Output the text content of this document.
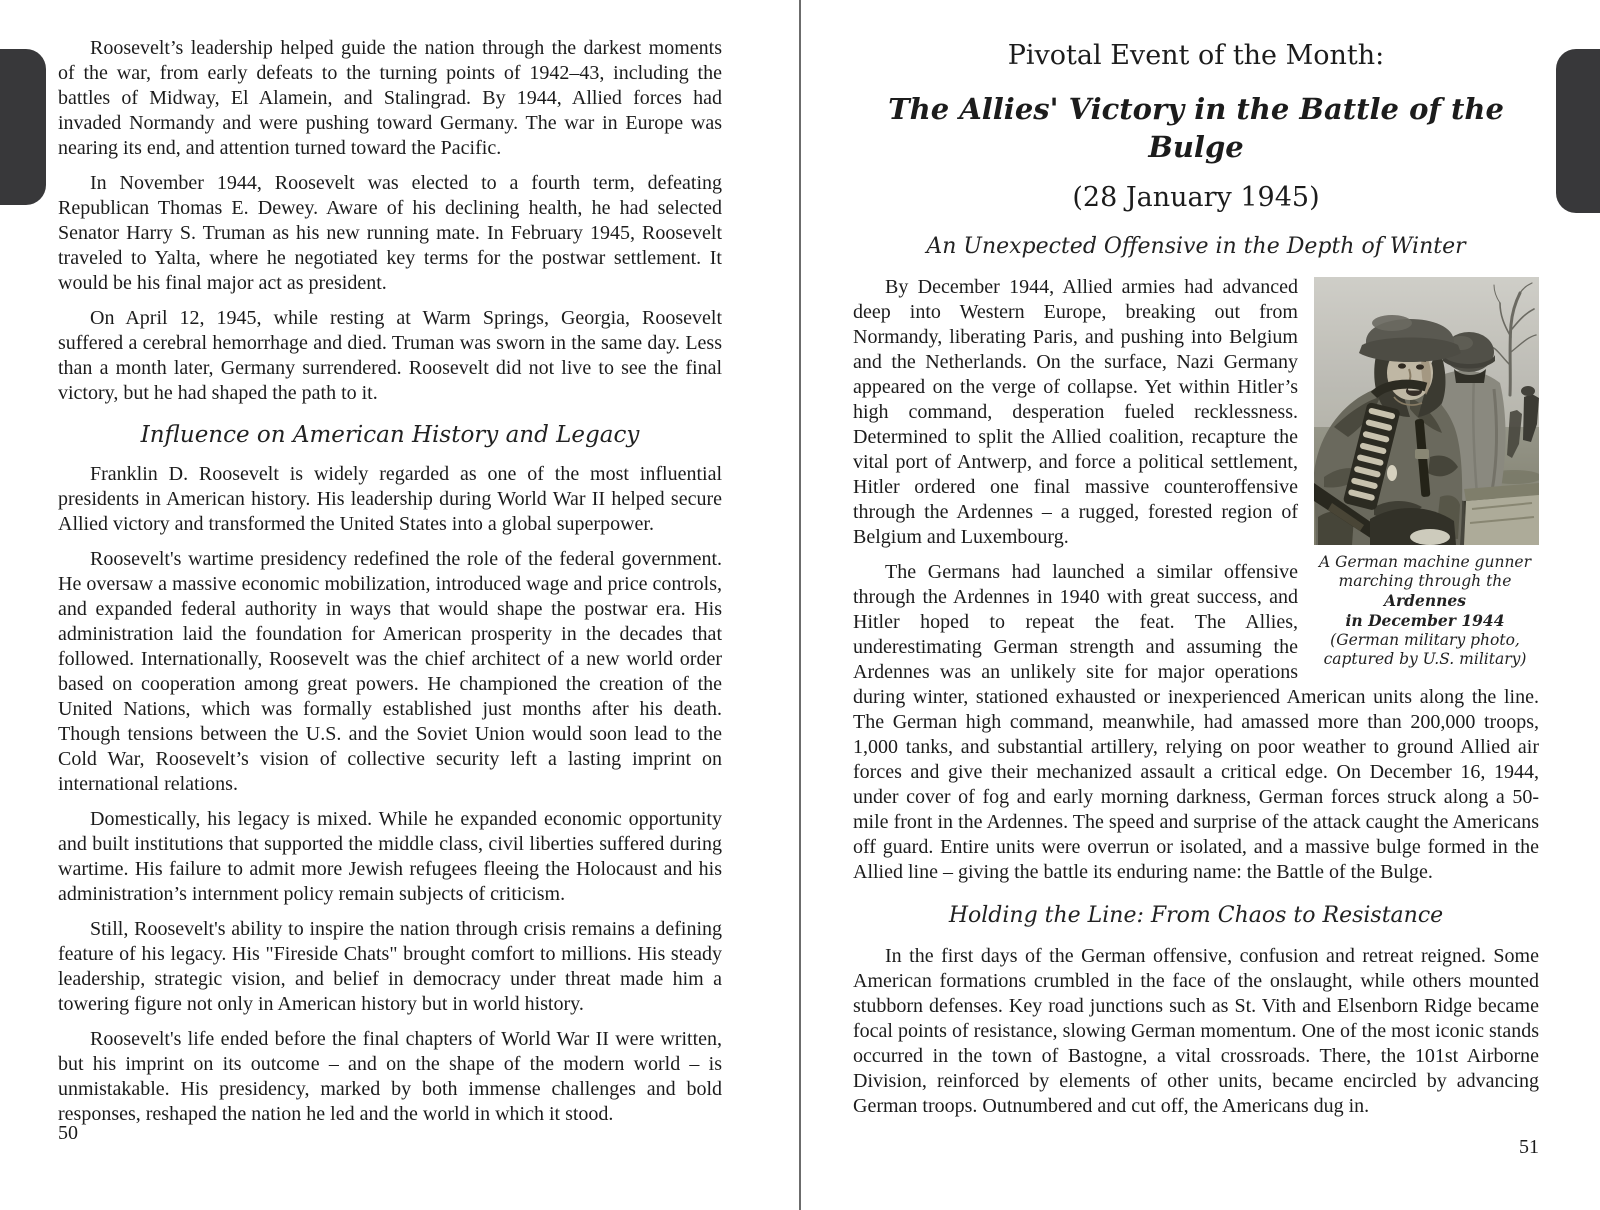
Roosevelt’s leadership helped guide the nation through the darkest moments of the war, from early defeats to the turning points of 1942–43, including the battles of Midway, El Alamein, and Stalingrad. By 1944, Allied forces had invaded Normandy and were pushing toward Germany. The war in Europe was nearing its end, and attention turned toward the Pacific.

In November 1944, Roosevelt was elected to a fourth term, defeating Republican Thomas E. Dewey. Aware of his declining health, he had selected Senator Harry S. Truman as his new running mate. In February 1945, Roosevelt traveled to Yalta, where he negotiated key terms for the postwar settlement. It would be his final major act as president.

On April 12, 1945, while resting at Warm Springs, Georgia, Roosevelt suffered a cerebral hemorrhage and died. Truman was sworn in the same day. Less than a month later, Germany surrendered. Roosevelt did not live to see the final victory, but he had shaped the path to it.

Influence on American History and Legacy

Franklin D. Roosevelt is widely regarded as one of the most influential presidents in American history. His leadership during World War II helped secure Allied victory and transformed the United States into a global superpower.

Roosevelt's wartime presidency redefined the role of the federal government. He oversaw a massive economic mobilization, introduced wage and price controls, and expanded federal authority in ways that would shape the postwar era. His administration laid the foundation for American prosperity in the decades that followed. Internationally, Roosevelt was the chief architect of a new world order based on cooperation among great powers. He championed the creation of the United Nations, which was formally established just months after his death. Though tensions between the U.S. and the Soviet Union would soon lead to the Cold War, Roosevelt’s vision of collective security left a lasting imprint on international relations.

Domestically, his legacy is mixed. While he expanded economic opportunity and built institutions that supported the middle class, civil liberties suffered during wartime. His failure to admit more Jewish refugees fleeing the Holocaust and his administration’s internment policy remain subjects of criticism.

Still, Roosevelt's ability to inspire the nation through crisis remains a defining feature of his legacy. His "Fireside Chats" brought comfort to millions. His steady leadership, strategic vision, and belief in democracy under threat made him a towering figure not only in American history but in world history.

Roosevelt's life ended before the final chapters of World War II were written, but his imprint on its outcome – and on the shape of the modern world – is unmistakable. His presidency, marked by both immense challenges and bold responses, reshaped the nation he led and the world in which it stood.

50
Pivotal Event of the Month:
The Allies' Victory in the Battle of the Bulge
(28 January 1945)
An Unexpected Offensive in the Depth of Winter
A German machine gunner
marching through the Ardennes
in December 1944
(German military photo,
captured by U.S. military)

By December 1944, Allied armies had advanced deep into Western Europe, breaking out from Normandy, liberating Paris, and pushing into Belgium and the Netherlands. On the surface, Nazi Germany appeared on the verge of collapse. Yet within Hitler’s high command, desperation fueled recklessness. Determined to split the Allied coalition, recapture the vital port of Antwerp, and force a political settlement, Hitler ordered one final massive counteroffensive through the Ardennes – a rugged, forested region of Belgium and Luxembourg.

The Germans had launched a similar offensive through the Ardennes in 1940 with great success, and Hitler hoped to repeat the feat. The Allies, underestimating German strength and assuming the Ardennes was an unlikely site for major operations during winter, stationed exhausted or inexperienced American units along the line. The German high command, meanwhile, had amassed more than 200,000 troops, 1,000 tanks, and substantial artillery, relying on poor weather to ground Allied air forces and give their mechanized assault a critical edge. On December 16, 1944, under cover of fog and early morning darkness, German forces struck along a 50-mile front in the Ardennes. The speed and surprise of the attack caught the Americans off guard. Entire units were overrun or isolated, and a massive bulge formed in the Allied line – giving the battle its enduring name: the Battle of the Bulge.

Holding the Line: From Chaos to Resistance

In the first days of the German offensive, confusion and retreat reigned. Some American formations crumbled in the face of the onslaught, while others mounted stubborn defenses. Key road junctions such as St. Vith and Elsenborn Ridge became focal points of resistance, slowing German momentum. One of the most iconic stands occurred in the town of Bastogne, a vital crossroads. There, the 101st Airborne Division, reinforced by elements of other units, became encircled by advancing German troops. Outnumbered and cut off, the Americans dug in.

51
